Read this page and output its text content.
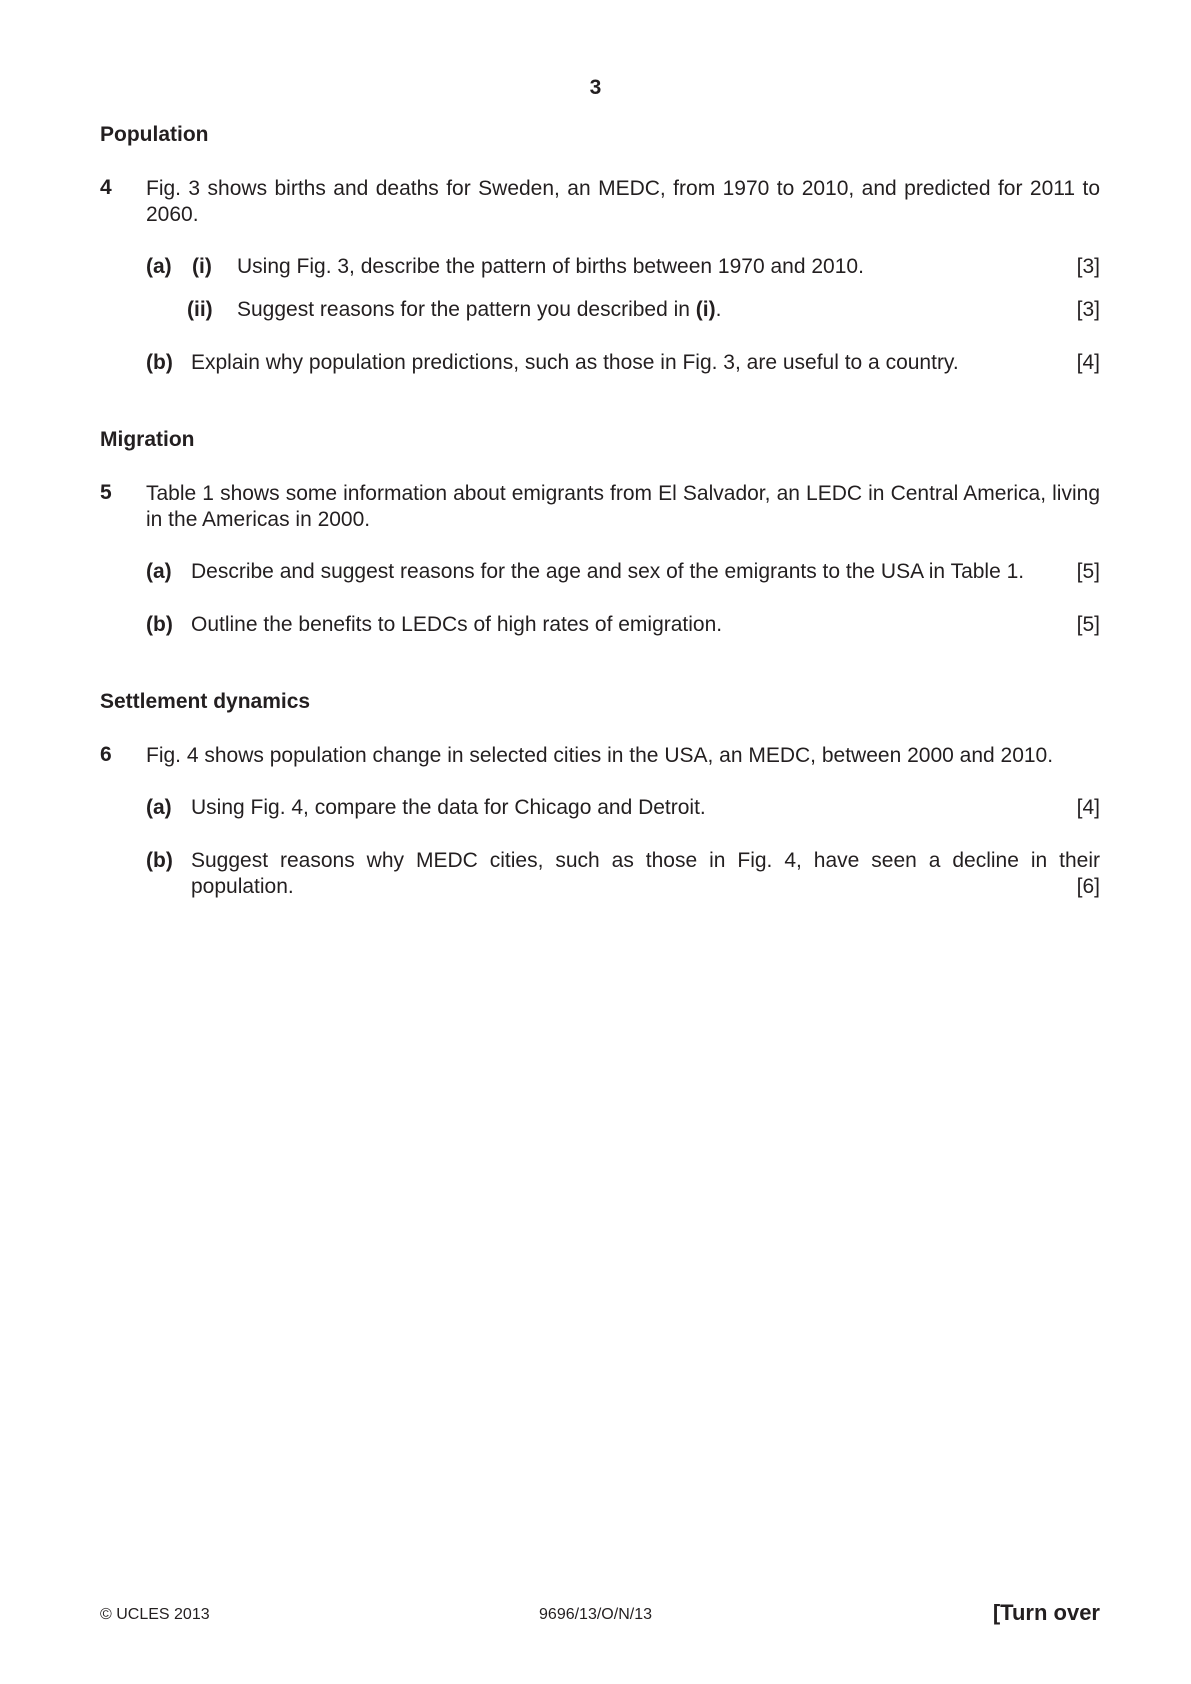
3
Population
4 Fig. 3 shows births and deaths for Sweden, an MEDC, from 1970 to 2010, and predicted for 2011 to 2060.
(a) (i) Using Fig. 3, describe the pattern of births between 1970 and 2010.	[3]
(ii) Suggest reasons for the pattern you described in (i).	[3]
(b) Explain why population predictions, such as those in Fig. 3, are useful to a country.	[4]
Migration
5 Table 1 shows some information about emigrants from El Salvador, an LEDC in Central America, living in the Americas in 2000.
(a) Describe and suggest reasons for the age and sex of the emigrants to the USA in Table 1.	[5]
(b) Outline the benefits to LEDCs of high rates of emigration.	[5]
Settlement dynamics
6 Fig. 4 shows population change in selected cities in the USA, an MEDC, between 2000 and 2010.
(a) Using Fig. 4, compare the data for Chicago and Detroit.	[4]
(b) Suggest reasons why MEDC cities, such as those in Fig. 4, have seen a decline in their
population.	[6]
© UCLES 2013	9696/13/O/N/13	[Turn over
